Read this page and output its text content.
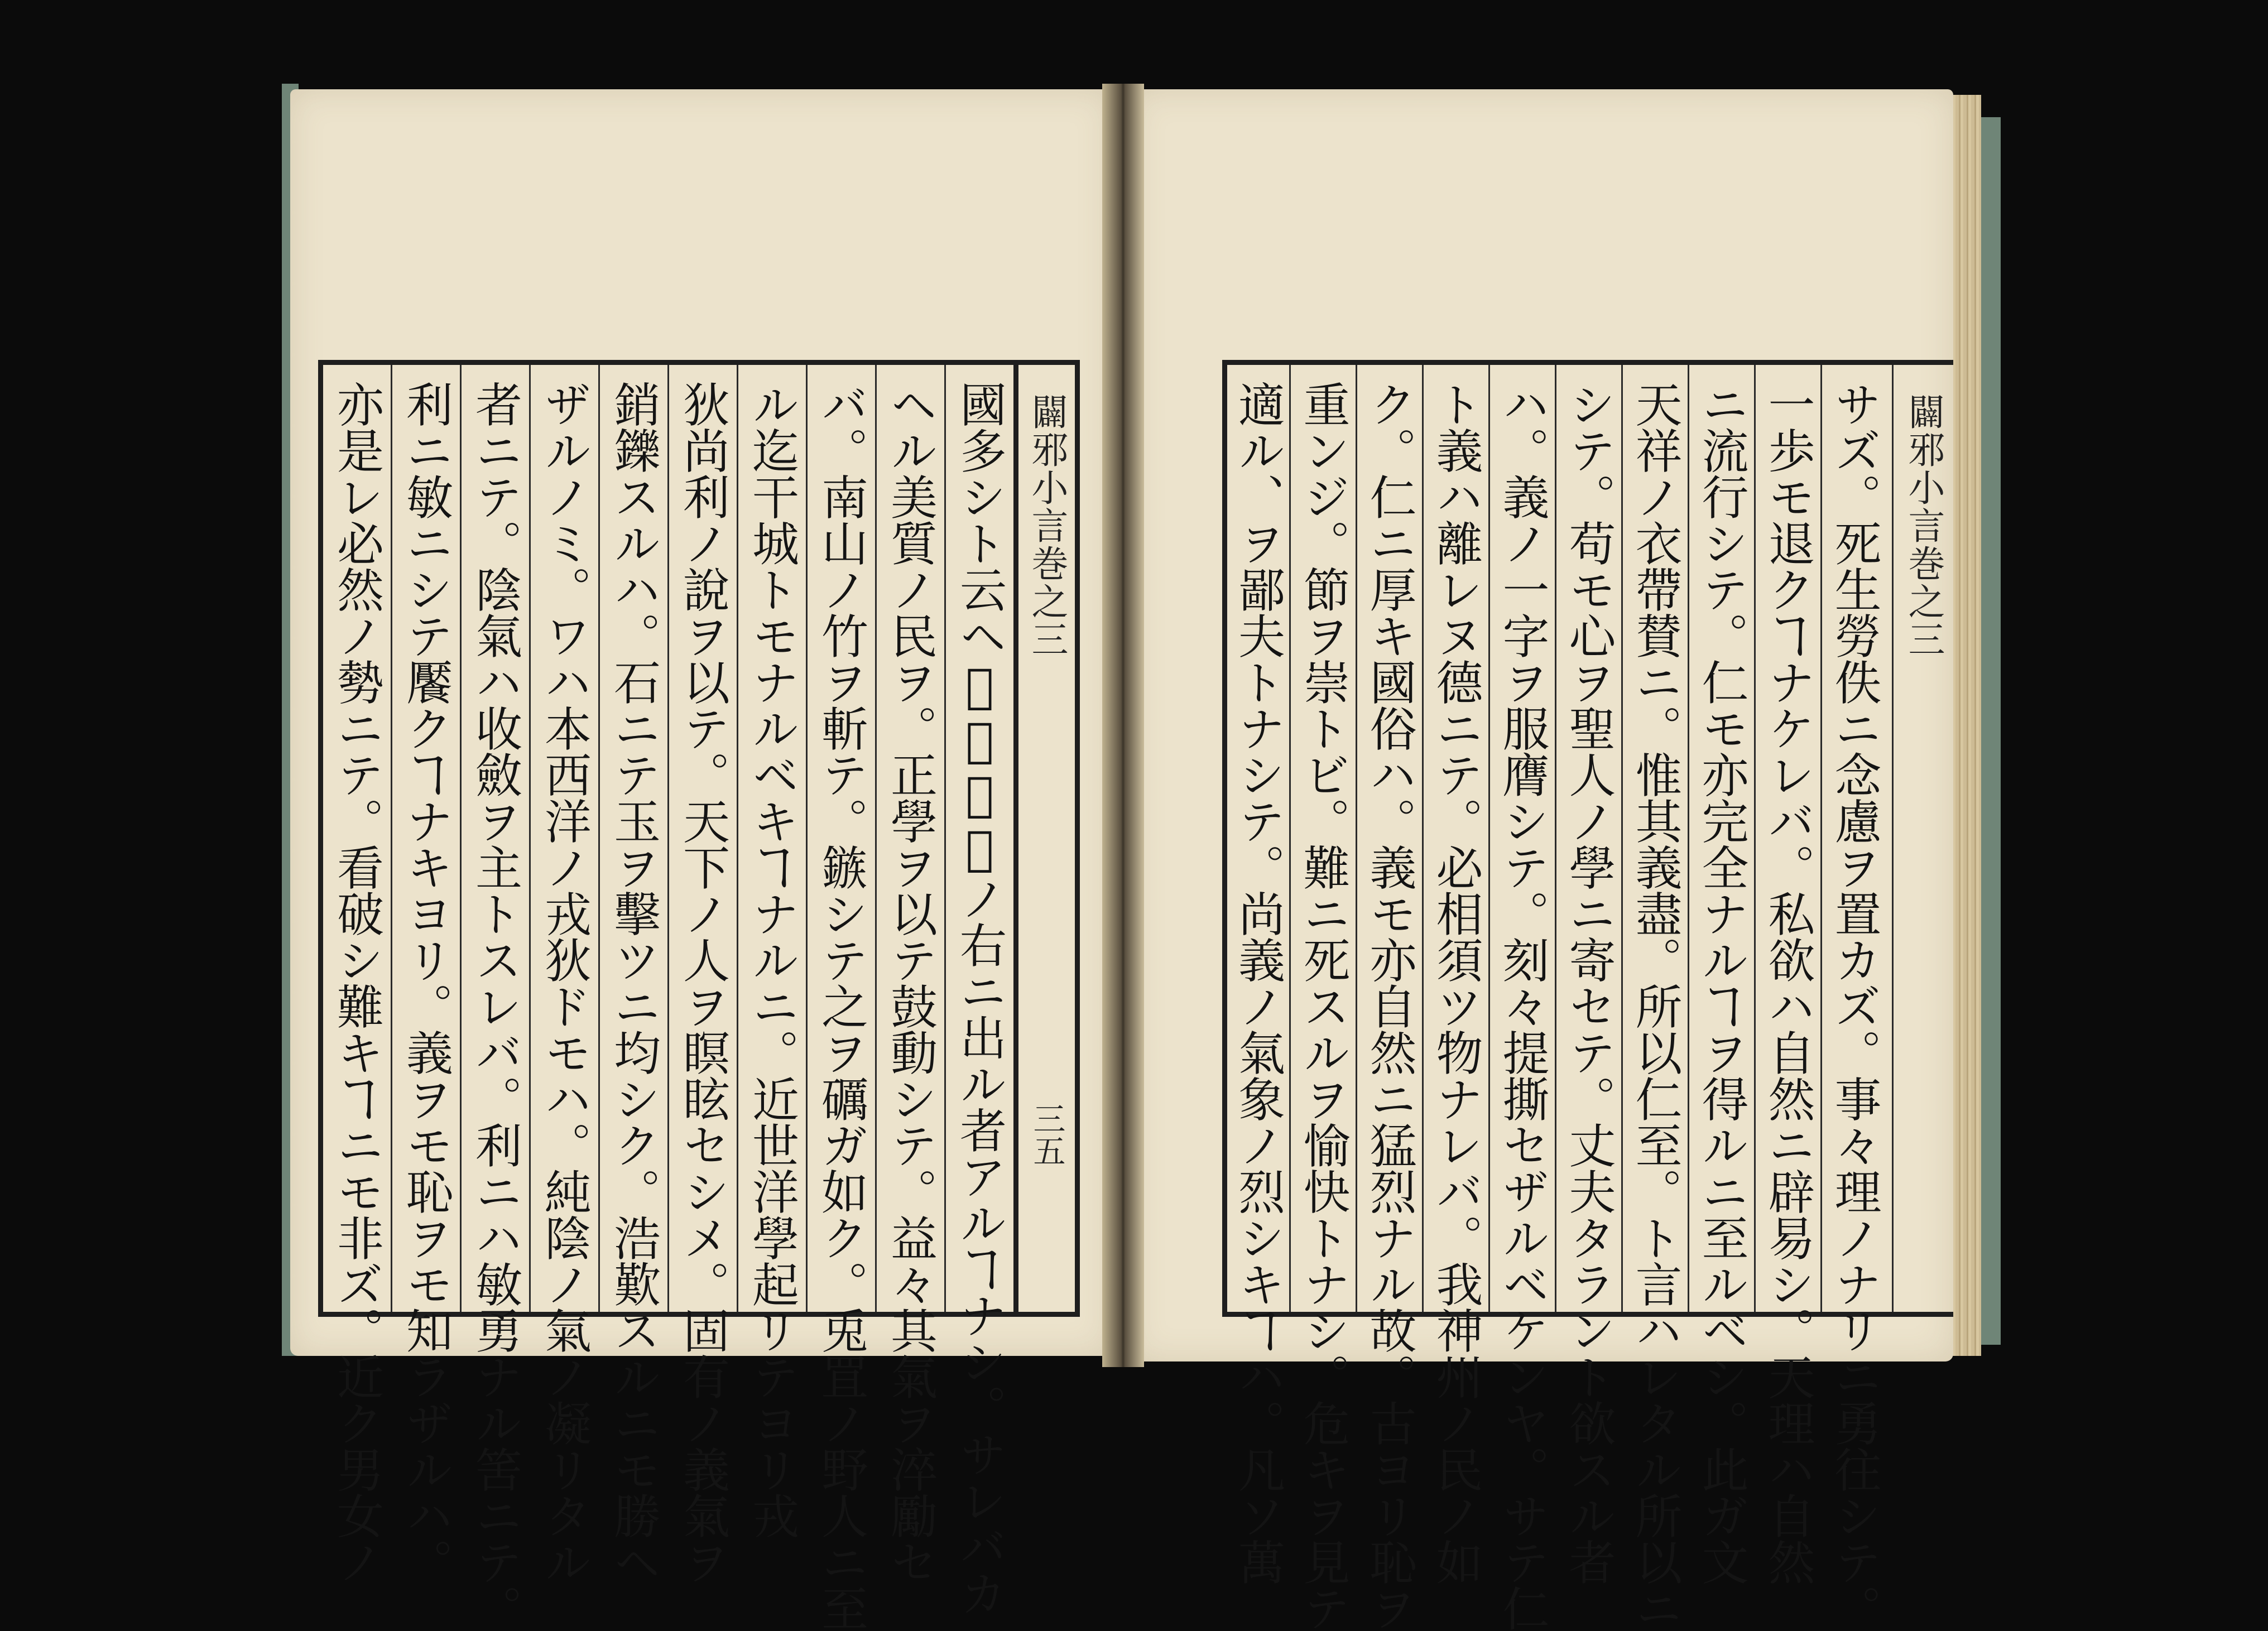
國多シト云ヘ𪜈。我邦ノ右ニ出ル者アルヿナシ。サレバカ
ヘル美質ノ民ヲ。正學ヲ以テ鼓動シテ。益々其氣ヲ淬勵セ
バ。南山ノ竹ヲ斬テ。鏃シテ之ヲ礪ガ如ク。兎罝ノ野人ニ至
ル迄干城トモナルベキヿナルニ。近世洋學起リテヨリ戎
狄尚利ノ說ヲ以テ。天下ノ人ヲ瞑眩セシメ。固有ノ義氣ヲ
銷鑠スルハ。石ニテ玉ヲ擊ツニ均シク。浩歎スルニモ勝ヘ
ザルノミ。ワハ本西洋ノ戎狄ドモハ。純陰ノ氣ノ凝リタル
者ニテ。陰氣ハ收斂ヲ主トスレバ。利ニハ敏勇ナル筈ニテ。
利ニ敏ニシテ饜クヿナキヨリ。義ヲモ恥ヲモ知ラザルハ。
亦是レ必然ノ勢ニテ。看破シ難キヿニモ非ズ。近ク男女ノ	闢邪小言巻之三
三五
闢邪小言巻之三
サズ。死生勞佚ニ念慮ヲ置カズ。事々理ノナリニ勇往シテ。
一歩モ退クヿナケレバ。私欲ハ自然ニ辟易シ。天理ハ自然
ニ流行シテ。仁モ亦完全ナルヿヲ得ルニ至ルベシ。此ガ文
天祥ノ衣帶賛ニ。惟其義盡。所以仁至。ト言ハレタル所以ニ
シテ。苟モ心ヲ聖人ノ學ニ寄セテ。丈夫タラント欲スル者
ハ。義ノ一字ヲ服膺シテ。刻々提撕セザルベケンヤ。サテ仁
ト義ハ離レヌ德ニテ。必相須ツ物ナレバ。我神州ノ民ノ如
ク。仁ニ厚キ國俗ハ。義モ亦自然ニ猛烈ナル故。古ヨリ恥ヲ
重ンジ。節ヲ崇トビ。難ニ死スルヲ愉快トナシ。危キヲ見テ
適ル、ヲ鄙夫トナシテ。尚義ノ氣象ノ烈シキヿハ。凡ソ萬
